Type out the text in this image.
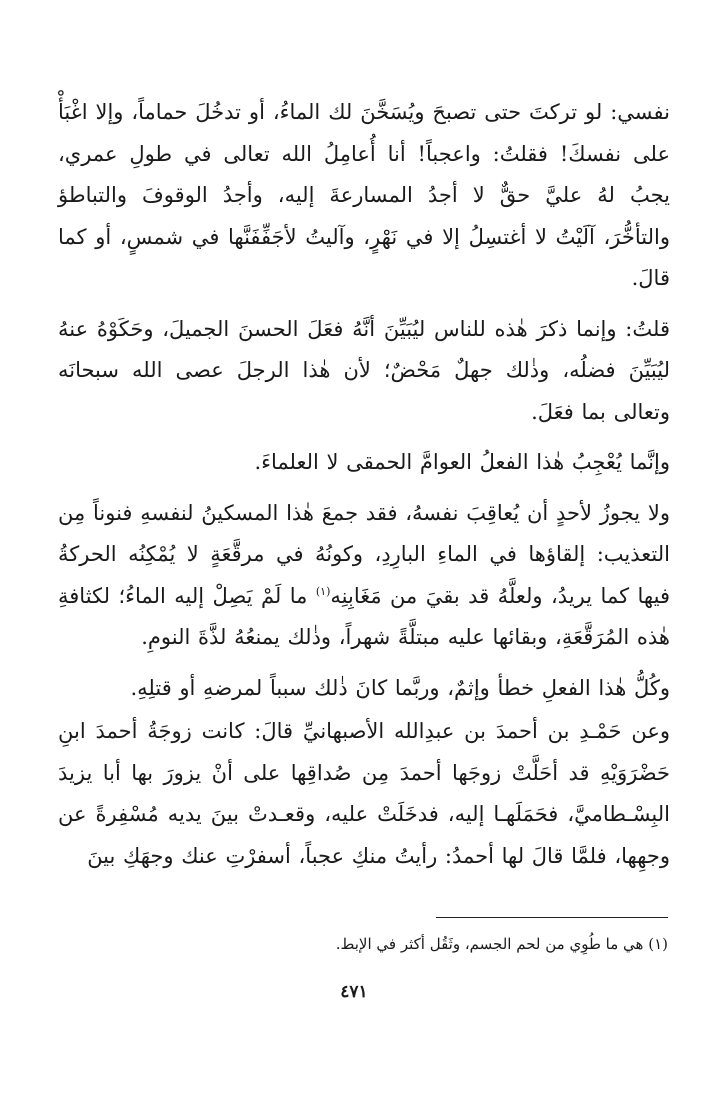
نفسي: لو تركتَ حتى تصبحَ ويُسَخَّنَ لك الماءُ، أو تدخُلَ حماماً، وإلا اغْبَأْ على نفسكَ! فقلتُ: واعجباً! أنا أُعامِلُ الله تعالى في طولِ عمري، يجبُ لهُ عليَّ حقٌّ لا أجدُ المسارعةَ إليه، وأجدُ الوقوفَ والتباطؤ والتأخُّرَ، آلَيْتُ لا أغتسِلُ إلا في نَهْرٍ، وآليتُ لأجَفِّفَنَّها في شمسٍ، أو كما قالَ.

قلتُ: وإنما ذكرَ هٰذه للناس ليُبَيِّنَ أنَّهُ فعَلَ الحسنَ الجميلَ، وحَكَوْهُ عنهُ ليُبَيِّنَ فضلُه، وذٰلك جهلٌ مَحْضٌ؛ لأن هٰذا الرجلَ عصى الله سبحانَه وتعالى بما فعَلَ.

وإنَّما يُعْجِبُ هٰذا الفعلُ العوامَّ الحمقى لا العلماءَ.

ولا يجوزُ لأحدٍ أن يُعاقِبَ نفسهُ، فقد جمعَ هٰذا المسكينُ لنفسهِ فنوناً مِن التعذيب: إلقاؤها في الماءِ البارِدِ، وكونُهُ في مرقَّعَةٍ لا يُمْكِنُه الحركةُ فيها كما يريدُ، ولعلَّهُ قد بقيَ من مَغَابِنِه$^{(١)}$ ما لَمْ يَصِلْ إليه الماءُ؛ لكثافةِ هٰذه المُرَقَّعَةِ، وبقائها عليه مبتلَّةً شهراً، وذٰلك يمنعُهُ لذَّةَ النومِ.

وكُلُّ هٰذا الفعلِ خطأ وإثمٌ، وربَّما كانَ ذٰلك سبباً لمرضهِ أو قتلِهِ.

وعن حَمْـدِ بن أحمدَ بن عبدِالله الأصبهانيِّ قالَ: كانت زوجَةُ أحمدَ ابنِ حَضْرَوَيْهِ قد أحَلَّتْ زوجَها أحمدَ مِن صُداقِها على أنْ يزورَ بها أبا يزيدَ البِسْـطاميَّ، فحَمَلَهـا إليه، فدخَلَتْ عليه، وقعـدتْ بينَ يديه مُسْفِرةً عن وجهِها، فلمَّا قالَ لها أحمدُ: رأيتُ منكِ عجباً، أسفرْتِ عنك وجهَكِ بينَ

(١) هي ما طُوِي من لحم الجسم، وثَقُل أكثر في الإبط.
٤٧١
